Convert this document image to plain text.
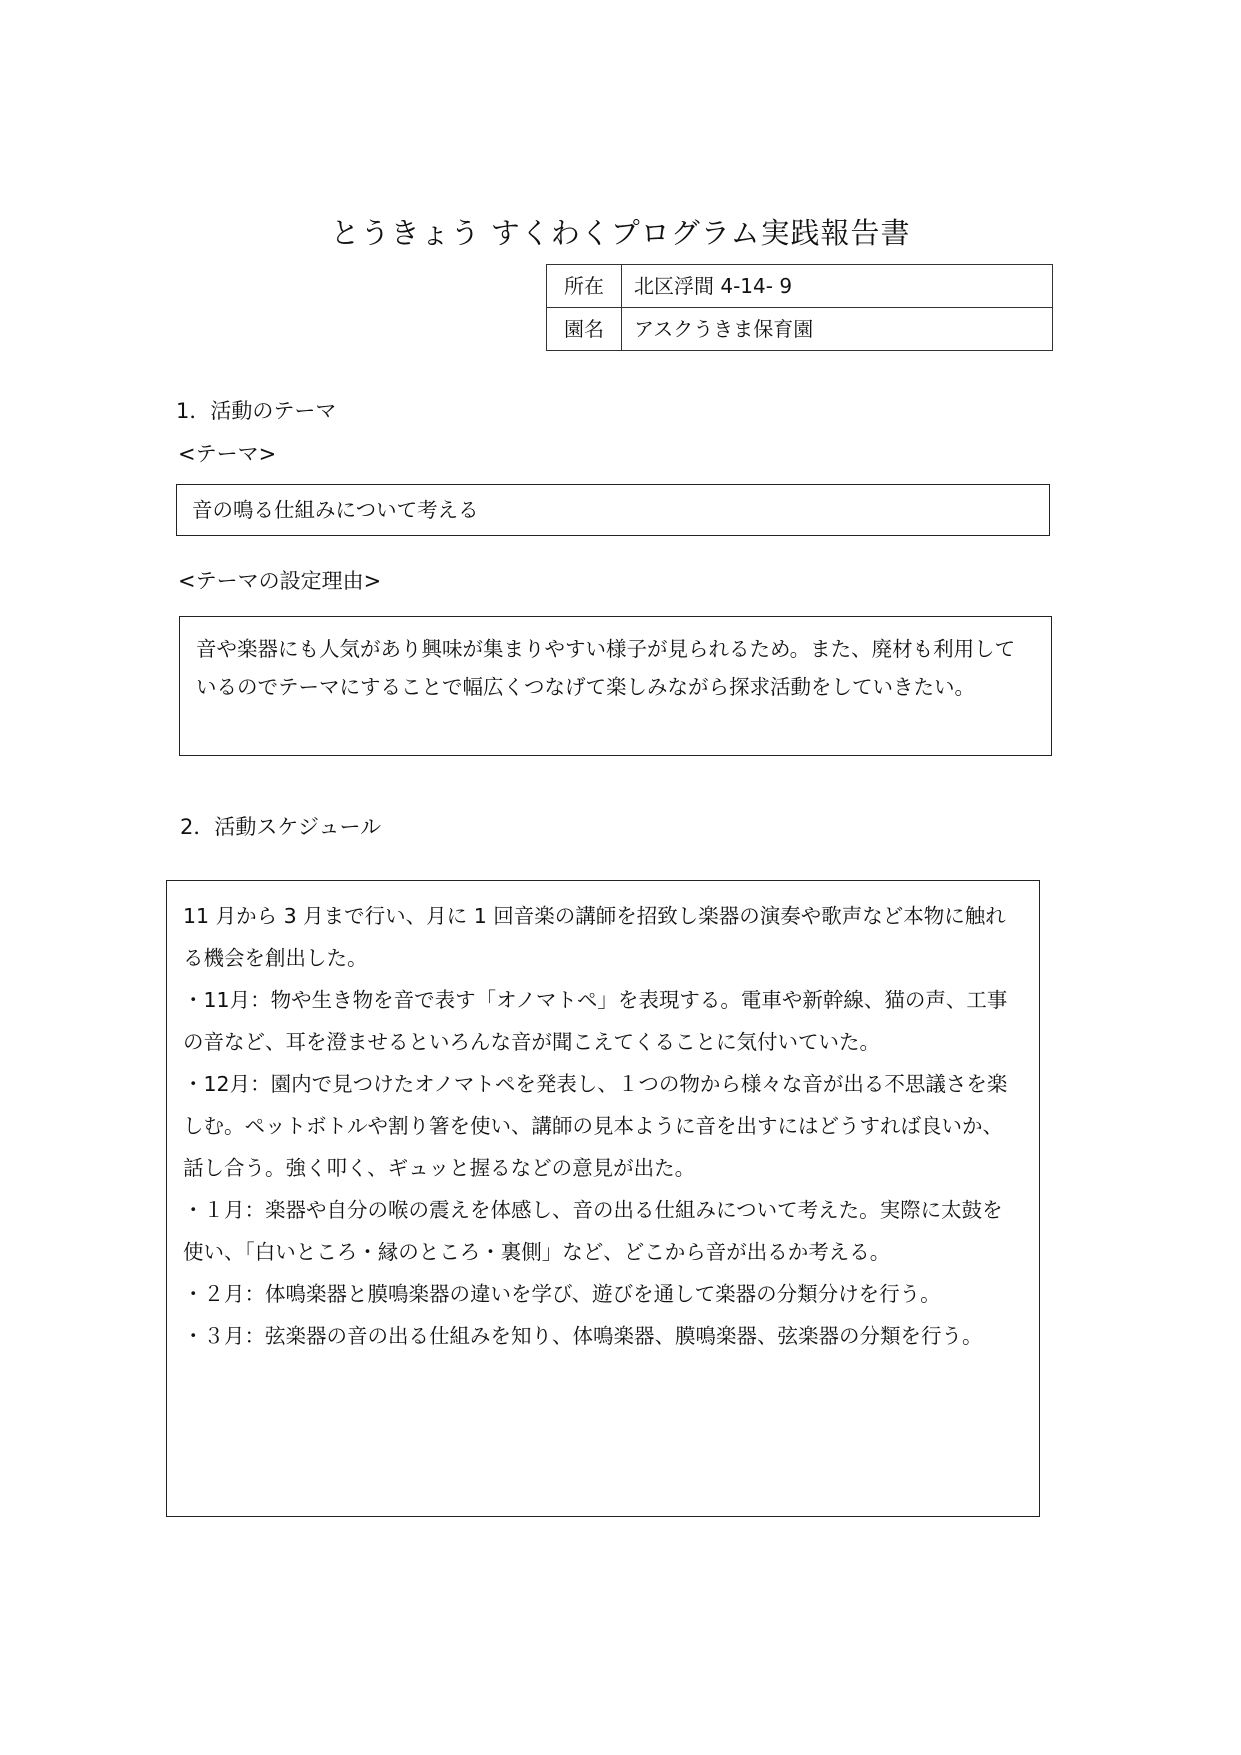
とうきょう すくわくプログラム実践報告書
所在	北区浮間 4-14- 9
園名	アスクうきま保育園
1．活動のテーマ
<テーマ>
音の鳴る仕組みについて考える
<テーマの設定理由>

音や楽器にも人気があり興味が集まりやすい様子が見られるため。また、廃材も利用しているのでテーマにすることで幅広くつなげて楽しみながら探求活動をしていきたい。

2．活動スケジュール

11 月から 3 月まで行い、月に 1 回音楽の講師を招致し楽器の演奏や歌声など本物に触れる機会を創出した。

・11月：物や生き物を音で表す「オノマトペ」を表現する。電車や新幹線、猫の声、工事の音など、耳を澄ませるといろんな音が聞こえてくることに気付いていた。

・12月：園内で見つけたオノマトペを発表し、１つの物から様々な音が出る不思議さを楽しむ。ペットボトルや割り箸を使い、講師の見本ように音を出すにはどうすれば良いか、話し合う。強く叩く、ギュッと握るなどの意見が出た。

・１月：楽器や自分の喉の震えを体感し、音の出る仕組みについて考えた。実際に太鼓を使い、「白いところ・縁のところ・裏側」など、どこから音が出るか考える。

・２月：体鳴楽器と膜鳴楽器の違いを学び、遊びを通して楽器の分類分けを行う。

・３月：弦楽器の音の出る仕組みを知り、体鳴楽器、膜鳴楽器、弦楽器の分類を行う。
